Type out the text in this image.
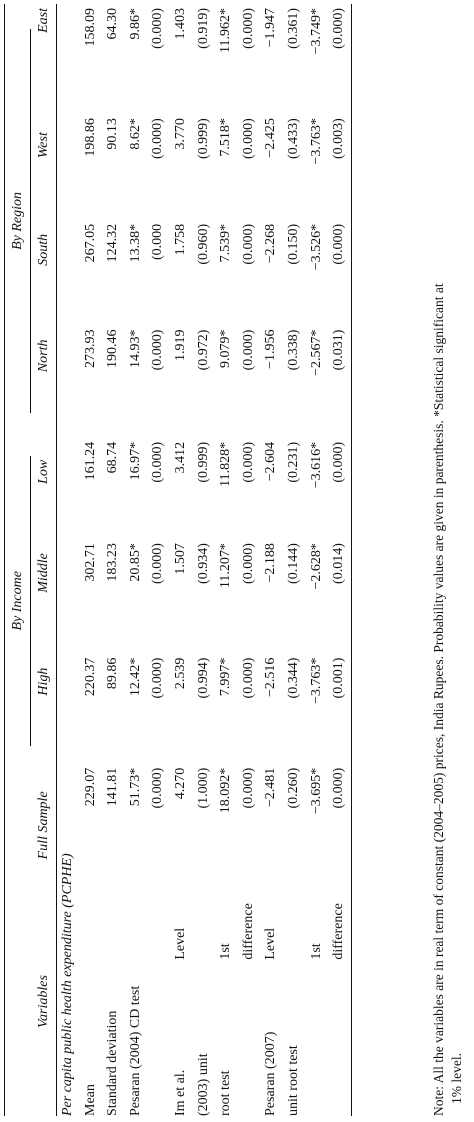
			By Income			By Region			
Variables		Full Sample	High	Middle	Low	North	South	West	East
Per capita public health expenditure (PCPHE)									
Mean		229.07	220.37	302.71	161.24	273.93	267.05	198.86	158.09
Standard deviation		141.81	89.86	183.23	68.74	190.46	124.32	90.13	64.30
Pesaran (2004) CD test		51.73*	12.42*	20.85*	16.97*	14.93*	13.38*	8.62*	9.86*
		(0.000)	(0.000)	(0.000)	(0.000)	(0.000)	(0.000	(0.000)	(0.000)
Im et al.	Level	4.270	2.539	1.507	3.412	1.919	1.758	3.770	1.403
(2003) unit		(1.000)	(0.994)	(0.934)	(0.999)	(0.972)	(0.960)	(0.999)	(0.919)
root test	1st	18.092*	7.997*	11.207*	11.828*	9.079*	7.539*	7.518*	11.962*
	difference	(0.000)	(0.000)	(0.000)	(0.000)	(0.000)	(0.000)	(0.000)	(0.000)
Pesaran (2007)	Level	−2.481	−2.516	−2.188	−2.604	−1.956	−2.268	−2.425	−1.947
unit root test		(0.260)	(0.344)	(0.144)	(0.231)	(0.338)	(0.150)	(0.433)	(0.361)
	1st	−3.695*	−3.763*	−2.628*	−3.616*	−2.567*	−3.526*	−3.763*	−3.749*
	difference	(0.000)	(0.001)	(0.014)	(0.000)	(0.031)	(0.000)	(0.003)	(0.000)
Note: All the variables are in real term of constant (2004–2005) prices, India Rupees. Probability values are given in parenthesis. *Statistical significant at 1% level.
